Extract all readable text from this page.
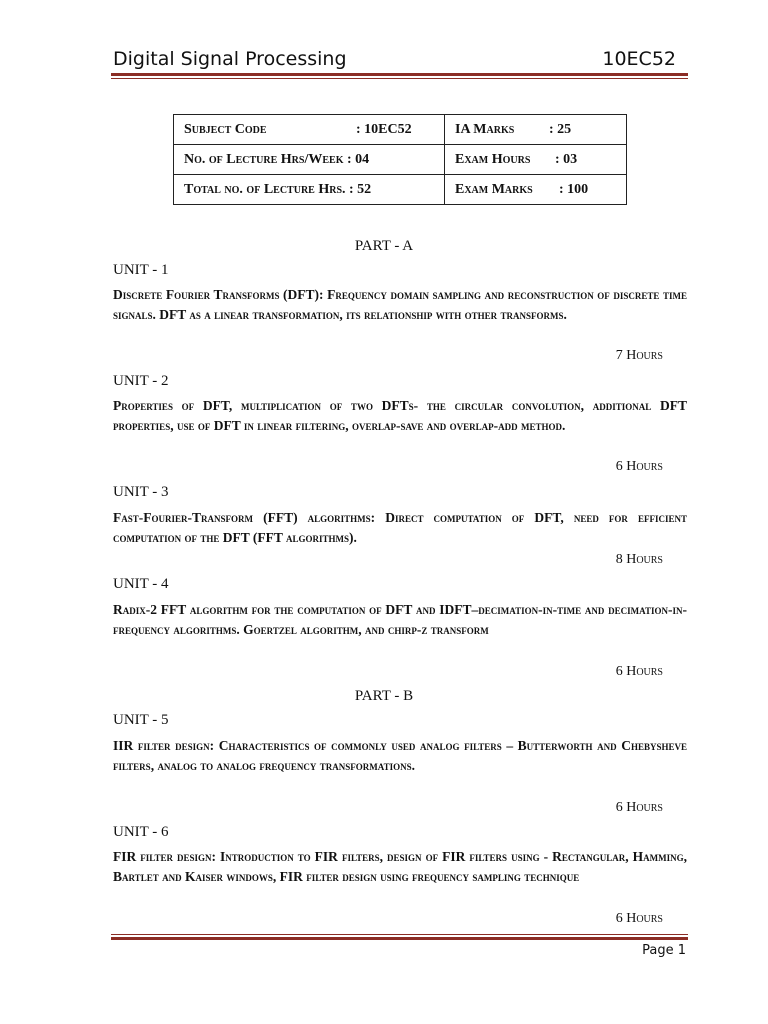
Digital Signal Processing	10EC52
Subject Code : 10EC52	IA Marks : 25
No. of Lecture Hrs/Week : 04	Exam Hours : 03
Total no. of Lecture Hrs. : 52	Exam Marks : 100
PART - A
UNIT - 1
Discrete Fourier Transforms (DFT): Frequency domain sampling and reconstruction of discrete time signals. DFT as a linear transformation, its relationship with other transforms.
7 Hours
UNIT - 2
Properties of DFT, multiplication of two DFTs- the circular convolution, additional DFT properties, use of DFT in linear filtering, overlap-save and overlap-add method.
6 Hours
UNIT - 3
Fast-Fourier-Transform (FFT) algorithms: Direct computation of DFT, need for efficient computation of the DFT (FFT algorithms).
8 Hours
UNIT - 4
Radix-2 FFT algorithm for the computation of DFT and IDFT–decimation-in-time and decimation-in-frequency algorithms. Goertzel algorithm, and chirp-z transform
6 Hours
PART - B
UNIT - 5
IIR filter design: Characteristics of commonly used analog filters – Butterworth and Chebysheve filters, analog to analog frequency transformations.
6 Hours
UNIT - 6
FIR filter design: Introduction to FIR filters, design of FIR filters using - Rectangular, Hamming, Bartlet and Kaiser windows, FIR filter design using frequency sampling technique
6 Hours
Page 1
